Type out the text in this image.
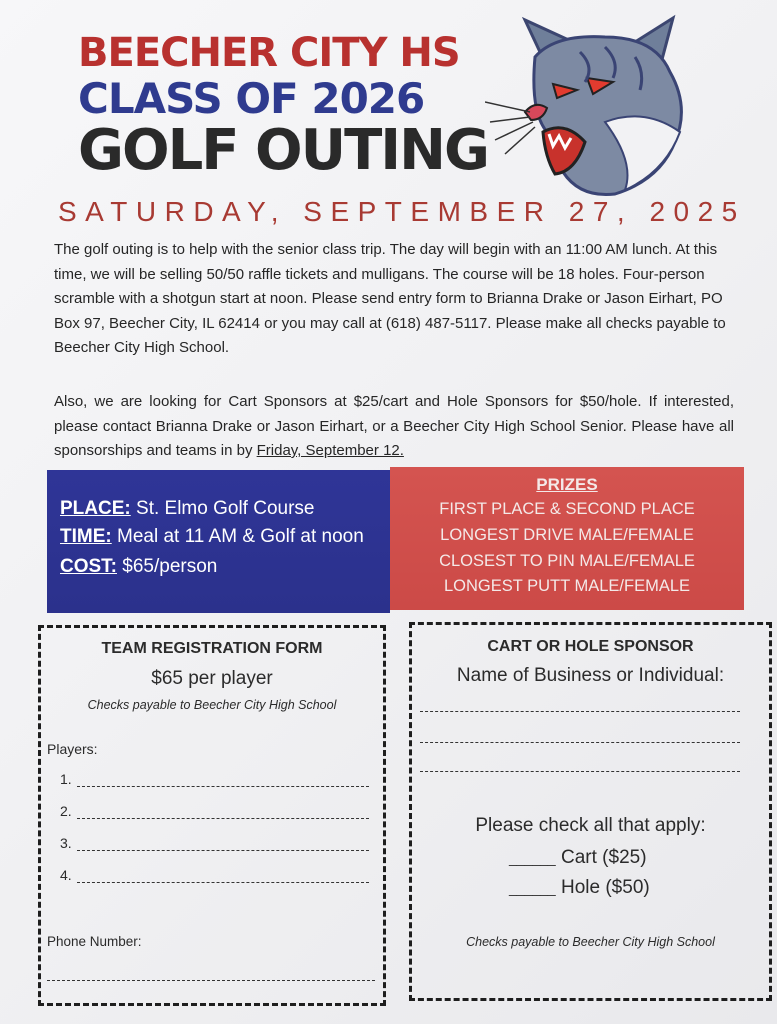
BEECHER CITY HS
CLASS OF 2026
GOLF OUTING
SATURDAY, SEPTEMBER 27, 2025

The golf outing is to help with the senior class trip. The day will begin with an 11:00 AM lunch. At this time, we will be selling 50/50 raffle tickets and mulligans. The course will be 18 holes. Four-person scramble with a shotgun start at noon. Please send entry form to Brianna Drake or Jason Eirhart, PO Box 97, Beecher City, IL 62414 or you may call at (618) 487-5117. Please make all checks payable to Beecher City High School.

Also, we are looking for Cart Sponsors at $25/cart and Hole Sponsors for $50/hole. If interested, please contact Brianna Drake or Jason Eirhart, or a Beecher City High School Senior. Please have all sponsorships and teams in by Friday, September 12.

PLACE: St. Elmo Golf Course
TIME: Meal at 11 AM & Golf at noon
COST: $65/person
PRIZES
FIRST PLACE & SECOND PLACE
LONGEST DRIVE MALE/FEMALE
CLOSEST TO PIN MALE/FEMALE
LONGEST PUTT MALE/FEMALE
TEAM REGISTRATION FORM
$65 per player
Checks payable to Beecher City High School
Players:
1.
2.
3.
4.
Phone Number:
CART OR HOLE SPONSOR
Name of Business or Individual:
Please check all that apply:
______ Cart ($25)
______ Hole ($50)
Checks payable to Beecher City High School
